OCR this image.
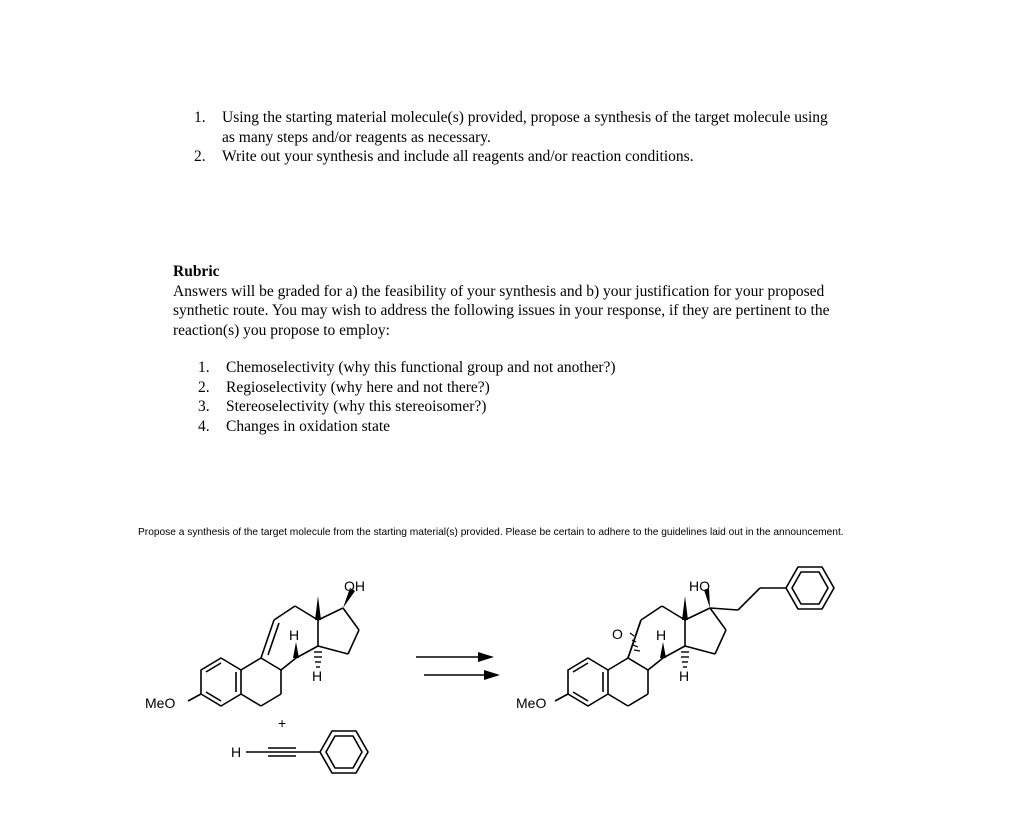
1.	Using the starting material molecule(s) provided, propose a synthesis of the target molecule using as many steps and/or reagents as necessary.
2.	Write out your synthesis and include all reagents and/or reaction conditions.
Rubric
Answers will be graded for a) the feasibility of your synthesis and b) your justification for your proposed synthetic route. You may wish to address the following issues in your response, if they are pertinent to the reaction(s) you propose to employ:
1.	Chemoselectivity (why this functional group and not another?)
2.	Regioselectivity (why here and not there?)
3.	Stereoselectivity (why this stereoisomer?)
4.	Changes in oxidation state
Propose a synthesis of the target molecule from the starting material(s) provided. Please be certain to adhere to the guidelines laid out in the announcement.
MeO
OH
H
H
+
H
MeO
HO
O H
H
